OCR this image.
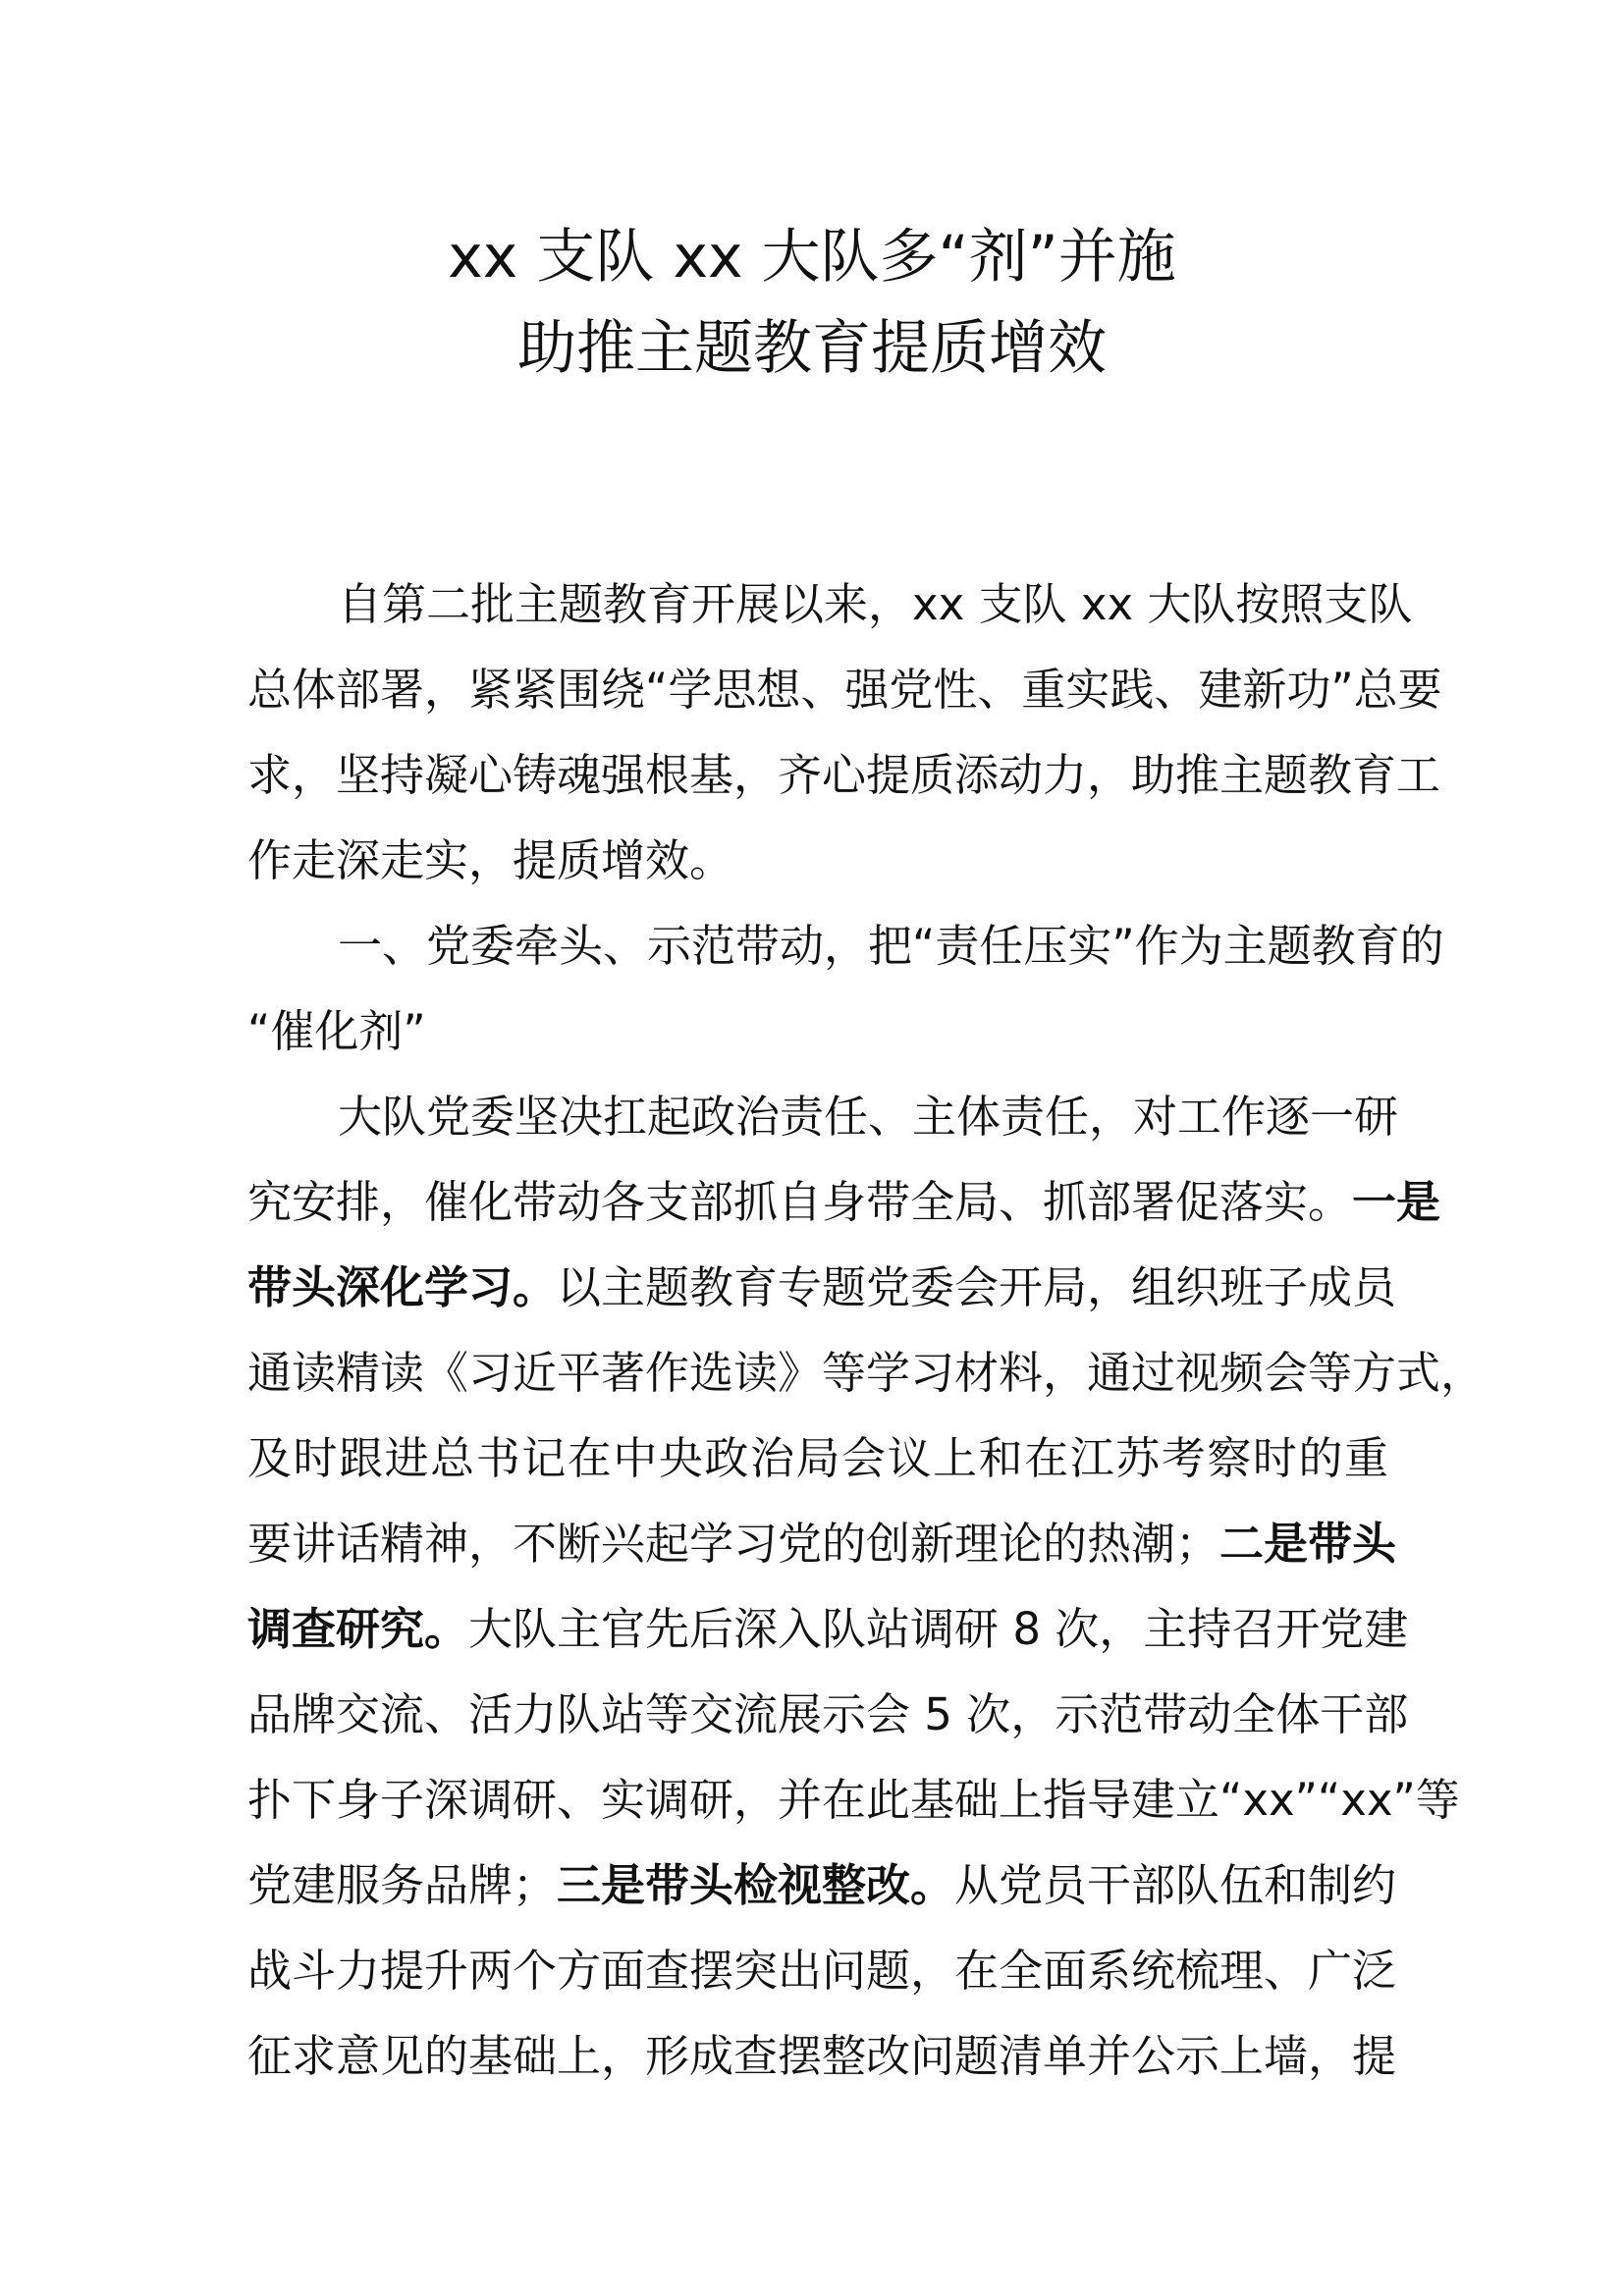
xx 支队 xx 大队多“剂”并施
助推主题教育提质增效
自第二批主题教育开展以来，xx 支队 xx 大队按照支队
总体部署，紧紧围绕“学思想、强党性、重实践、建新功”总要
求，坚持凝心铸魂强根基，齐心提质添动力，助推主题教育工
作走深走实，提质增效。
一、党委牵头、示范带动，把“责任压实”作为主题教育的
“催化剂”
大队党委坚决扛起政治责任、主体责任，对工作逐一研
究安排，催化带动各支部抓自身带全局、抓部署促落实。一是
带头深化学习。以主题教育专题党委会开局，组织班子成员
通读精读《习近平著作选读》等学习材料，通过视频会等方式，
及时跟进总书记在中央政治局会议上和在江苏考察时的重
要讲话精神，不断兴起学习党的创新理论的热潮；二是带头
调查研究。大队主官先后深入队站调研 8 次，主持召开党建
品牌交流、活力队站等交流展示会 5 次，示范带动全体干部
扑下身子深调研、实调研，并在此基础上指导建立“xx”“xx”等
党建服务品牌；三是带头检视整改。从党员干部队伍和制约
战斗力提升两个方面查摆突出问题，在全面系统梳理、广泛
征求意见的基础上，形成查摆整改问题清单并公示上墙，提
